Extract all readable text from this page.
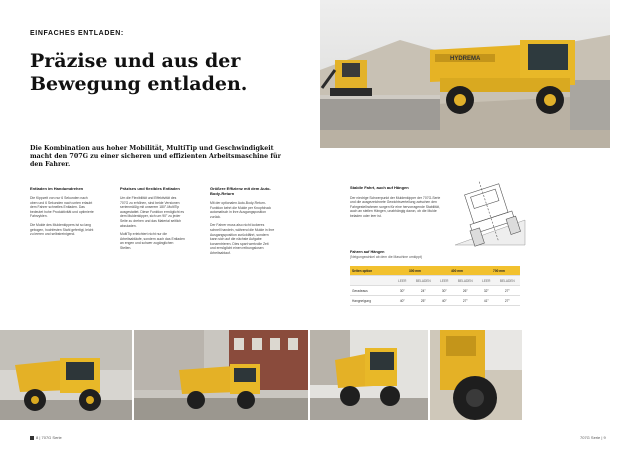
EINFACHES ENTLADEN:
Präzise und aus der
Bewegung entladen.
HYDREMA
Die Kombination aus hoher Mobilität, MultiTip und Geschwindigkeit macht den 707G zu einer sicheren und effizienten Arbeitsmaschine für den Fahrer.
Entladen im Handumdrehen

Die Kippzeit von nur 6 Sekunden nach oben und 6 Sekunden nach unten erlaubt dem Fahrer schnelles Entladen. Das bedeutet hohe Produktivität und optimierte Fahrzyklen.

Die Mulde des Muldenkippers ist so lang gebogen, hochfesten Stahl gefertigt, leicht zu leeren und selbstreinigend.

Präzises und flexibles Entladen

Um die Flexibilität und Effektivität des 707G zu erhöhen, sind beide Versionen serienmäßig mit unserem 180°-MultiTip ausgestattet. Diese Funktion ermöglicht es dem Muldenkipper, sich um 90° zu jeder Seite zu drehen und das Material seitlich abzuladen.

MultiTip erleichtert nicht nur die Arbeitsabläufe, sondern auch das Entladen an engen und schwer zugänglichen Stellen.

Größere Effizienz mit dem Auto-Body-Return

Mit der optionalen Auto-Body-Return-Funktion kehrt die Mulde per Knopfdruck automatisch in ihre Ausgangsposition zurück.

Der Fahrer muss also nicht lockeres schnell handeln, während die Mulde in ihre Ausgangsposition zurückfährt, sondern kann sich auf die nächste Aufgabe konzentrieren. Dies spart wertvolle Zeit und ermöglicht einen reibungslosen Arbeitsablauf.

Stabile Fahrt, auch auf Hängen
Der niedrige Schwerpunkt der Muldenkipper der 707G-Serie und die ausgezeichnete Gewichtsverteilung zwischen den Fahrgestellrahmen sorgen für eine hervorragende Stabilität, auch an steilen Hängen, unabhängig davon, ob die Mulde beladen oder leer ist.
Fahren auf Hängen
(Neigungswinkel ab dem die Maschine umkippt)
Seiten option	300 mm		400 mm		700 mm	
	LEER	BELADEN	LEER	BELADEN	LEER	BELADEN
Geradeaus	30°	24°	30°	26°	32°	27°
Hangneigung	40°	25°	40°	27°	41°	27°
8 | 707G Serie	707G Serie | 9
